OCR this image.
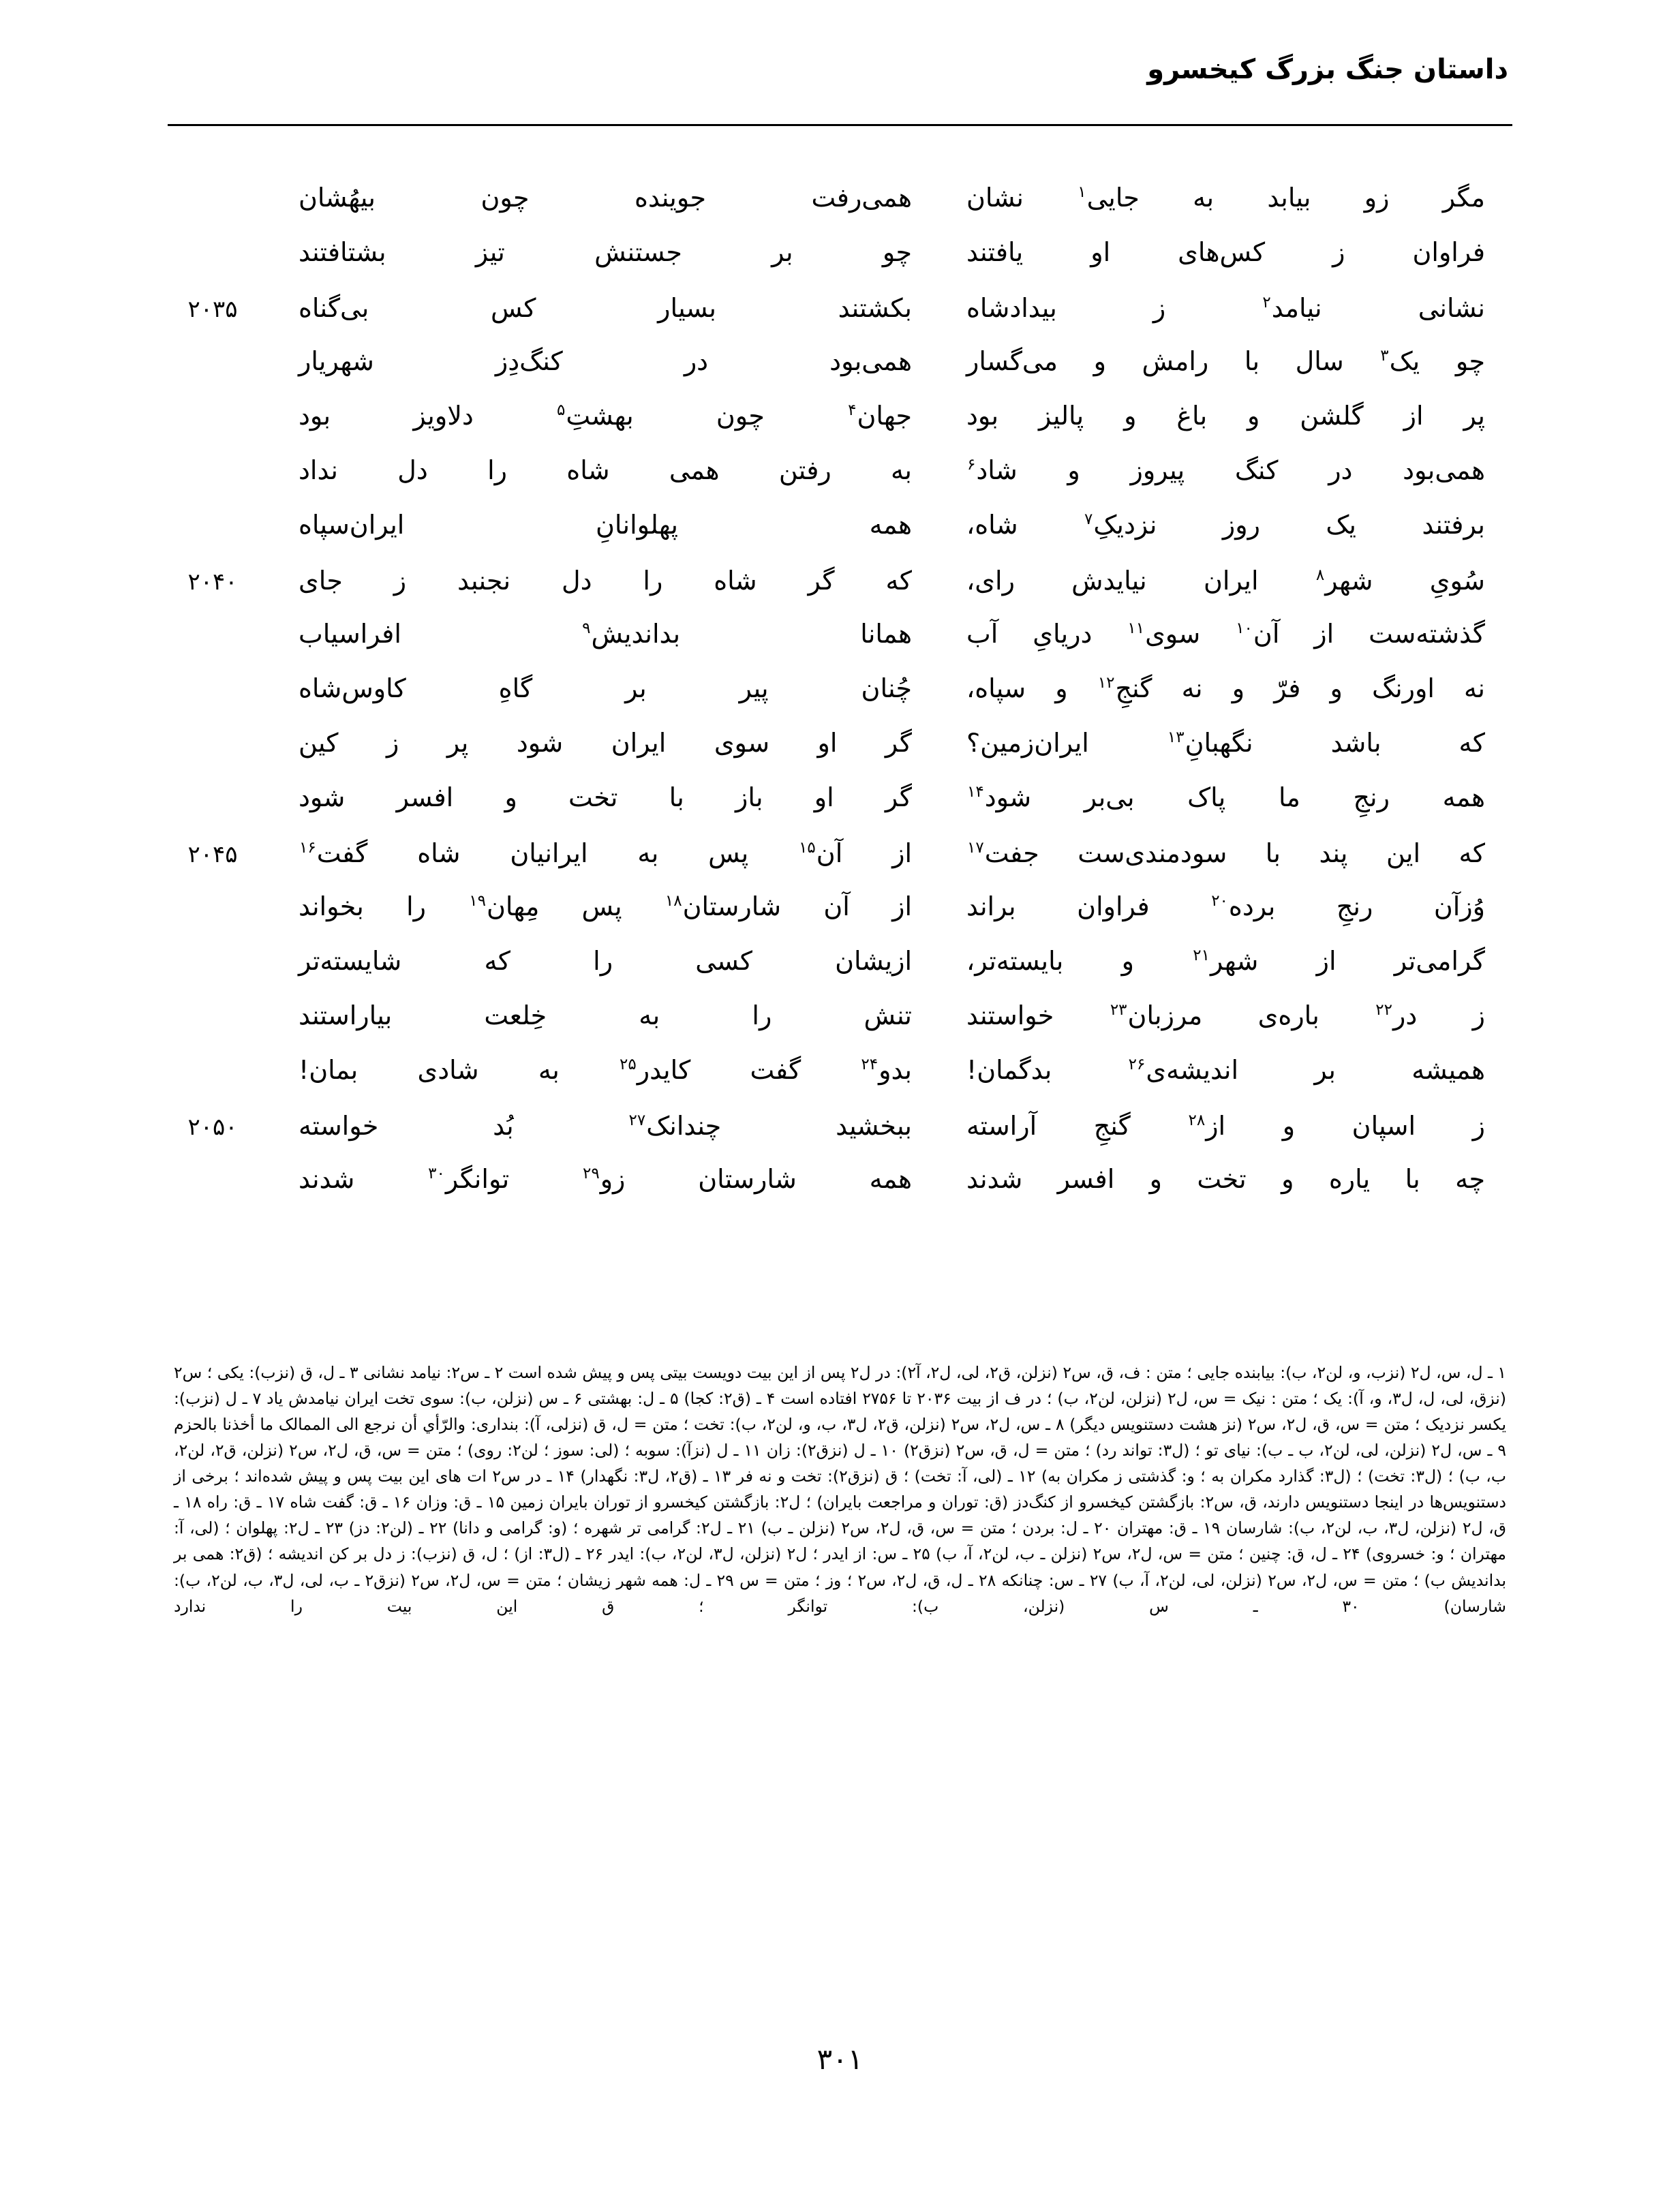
داستان جنگ بزرگ کیخسرو
مگر زو بیابد به جایی$^۱$ نشان
همی‌رفت جوینده چون بیهُشان
فراوان ز کس‌های او یافتند
چو بر جستنش تیز بشتافتند
نشانی نیامد$^۲$ ز بیدادشاه
بکشتند بسیار کس بی‌گناه
۲۰۳۵
چو یک$^۳$ سال با رامش و می‌گسار
همی‌بود در کنگ‌دِز شهریار
پر از گلشن و باغ و پالیز بود
جهان$^۴$ چون بهشتِ$^۵$ دلاویز بود
همی‌بود در کنگ پیروز و شاد$^۶$
به رفتن همی شاه را دل نداد
برفتند یک روز نزدیکِ$^۷$ شاه،
همه پهلوانانِ ایران‌سپاه
سُویِ شهر$^۸$ ایران نیایدش رای،
که گر شاه را دل نجنبد ز جای
۲۰۴۰
گذشته‌ست از آن$^{۱۰}$ سوی$^{۱۱}$ دریایِ آب
همانا بداندیش$^۹$ افراسیاب
نه اورنگ و فرّ و نه گنجِ$^{۱۲}$ و سپاه،
چُنان پیر بر گاهِ کاوس‌شاه
که باشد نگهبانِ$^{۱۳}$ ایران‌زمین؟
گر او سوی ایران شود پر ز کین
همه رنجِ ما پاک بی‌بر شود$^{۱۴}$
گر او باز با تخت و افسر شود
که این پند با سودمندی‌ست جفت$^{۱۷}$
از آن$^{۱۵}$ پس به ایرانیان شاه گفت$^{۱۶}$
۲۰۴۵
وُزآن رنجِ برده$^{۲۰}$ فراوان براند
از آن شارستان$^{۱۸}$ پس مِهان$^{۱۹}$ را بخواند
گرامی‌تر از شهر$^{۲۱}$ و بایسته‌تر،
ازیشان کسی را که شایسته‌تر
ز در$^{۲۲}$ باره‌ی مرزبان$^{۲۳}$ خواستند
تنش را به خِلعت بیاراستند
همیشه بر اندیشه‌ی$^{۲۶}$ بدگمان!
بدو$^{۲۴}$ گفت کایدر$^{۲۵}$ به شادی بمان!
ز اسپان و از$^{۲۸}$ گنجِ آراسته
ببخشید چندانک$^{۲۷}$ بُد خواسته
۲۰۵۰
چه با یاره و تخت و افسر شدند
همه شارستان زو$^{۲۹}$ توانگر$^{۳۰}$ شدند

۱ ـ ل، س، ل٢ (نزب، و، لن٢، ب): بیابنده جایی ؛ متن : ف، ق، س٢ (نزلن، ق٢، لی، ل٢، آ٢): در ل٢ پس از این بیت دویست بیتی پس و پیش شده است ۲ ـ س٢: نیامد نشانی ۳ ـ ل، ق (نزب): یکی ؛ س٢ (نزق، لی، ل، ل٣، و، آ): یک ؛ متن : نیک = س، ل٢ (نزلن، لن٢، ب) ؛ در ف از بیت ۲۰۳۶ تا ۲۷۵۶ افتاده است ۴ ـ (ق٢: کجا) ۵ ـ ل: بهشتی ۶ ـ س (نزلن، ب): سوی تخت ایران نیامدش یاد ۷ ـ ل (نزب): یکسر نزدیک ؛ متن = س، ق، ل٢، س٢ (نز هشت دستنویس دیگر) ۸ ـ س، ل٢، س٢ (نزلن، ق٢، ل٣، ب، و، لن٢، ب): تخت ؛ متن = ل، ق (نزلی، آ): بنداری: والرّأي أن نرجع الى الممالک ما أخذنا بالحزم ۹ ـ س، ل٢ (نزلن، لی، لن٢، ب ـ ب): نیای تو ؛ (ل٣: تواند رد) ؛ متن = ل، ق، س٢ (نزق٢) ۱۰ ـ ل (نزق٢): زان ۱۱ ـ ل (نزآ): سوبه ؛ (لی: سوز ؛ لن٢: روی) ؛ متن = س، ق، ل٢، س٢ (نزلن، ق٢، لن٢، ب، ب) ؛ (ل٣: تخت) ؛ (ل٣: گذارد مکران به ؛ و: گذشتی ز مکران به) ۱۲ ـ (لی، آ: تخت) ؛ ق (نزق٢): تخت و نه فر ۱۳ ـ (ق٢، ل٣: نگهدار) ۱۴ ـ در س٢ ات های این بیت پس و پیش شده‌اند ؛ برخی از دستنویس‌ها در اینجا دستنویس دارند، ق، س٢: بازگشتن کیخسرو از کنگ‌دز (ق: توران و مراجعت بایران) ؛ ل٢: بازگشتن کیخسرو از توران بایران زمین ۱۵ ـ ق: وزان ۱۶ ـ ق: گفت شاه ۱۷ ـ ق: راه ۱۸ ـ ق، ل٢ (نزلن، ل٣، ب، لن٢، ب): شارسان ۱۹ ـ ق: مهتران ۲۰ ـ ل: بردن ؛ متن = س، ق، ل٢، س٢ (نزلن ـ ب) ۲۱ ـ ل٢: گرامی تر شهره ؛ (و: گرامی و دانا) ۲۲ ـ (لن٢: دز) ۲۳ ـ ل٢: پهلوان ؛ (لی، آ: مهتران ؛ و: خسروی) ۲۴ ـ ل، ق: چنین ؛ متن = س، ل٢، س٢ (نزلن ـ ب، لن٢، آ، ب) ۲۵ ـ س: از ایدر ؛ ل٢ (نزلن، ل٣، لن٢، ب): ایدر ۲۶ ـ (ل٣: از) ؛ ل، ق (نزب): ز دل بر کن اندیشه ؛ (ق٢: همی بر بداندیش ب) ؛ متن = س، ل٢، س٢ (نزلن، لی، لن٢، آ، ب) ۲۷ ـ س: چنانکه ۲۸ ـ ل، ق، ل٢، س٢ ؛ وز ؛ متن = س ۲۹ ـ ل: همه شهر زیشان ؛ متن = س، ل٢، س٢ (نزق٢ ـ ب، لی، ل٣، ب، لن٢، ب): شارسان) ۳۰ ـ س (نزلن، ب): توانگر ؛ ق این بیت را ندارد

۳۰۱
